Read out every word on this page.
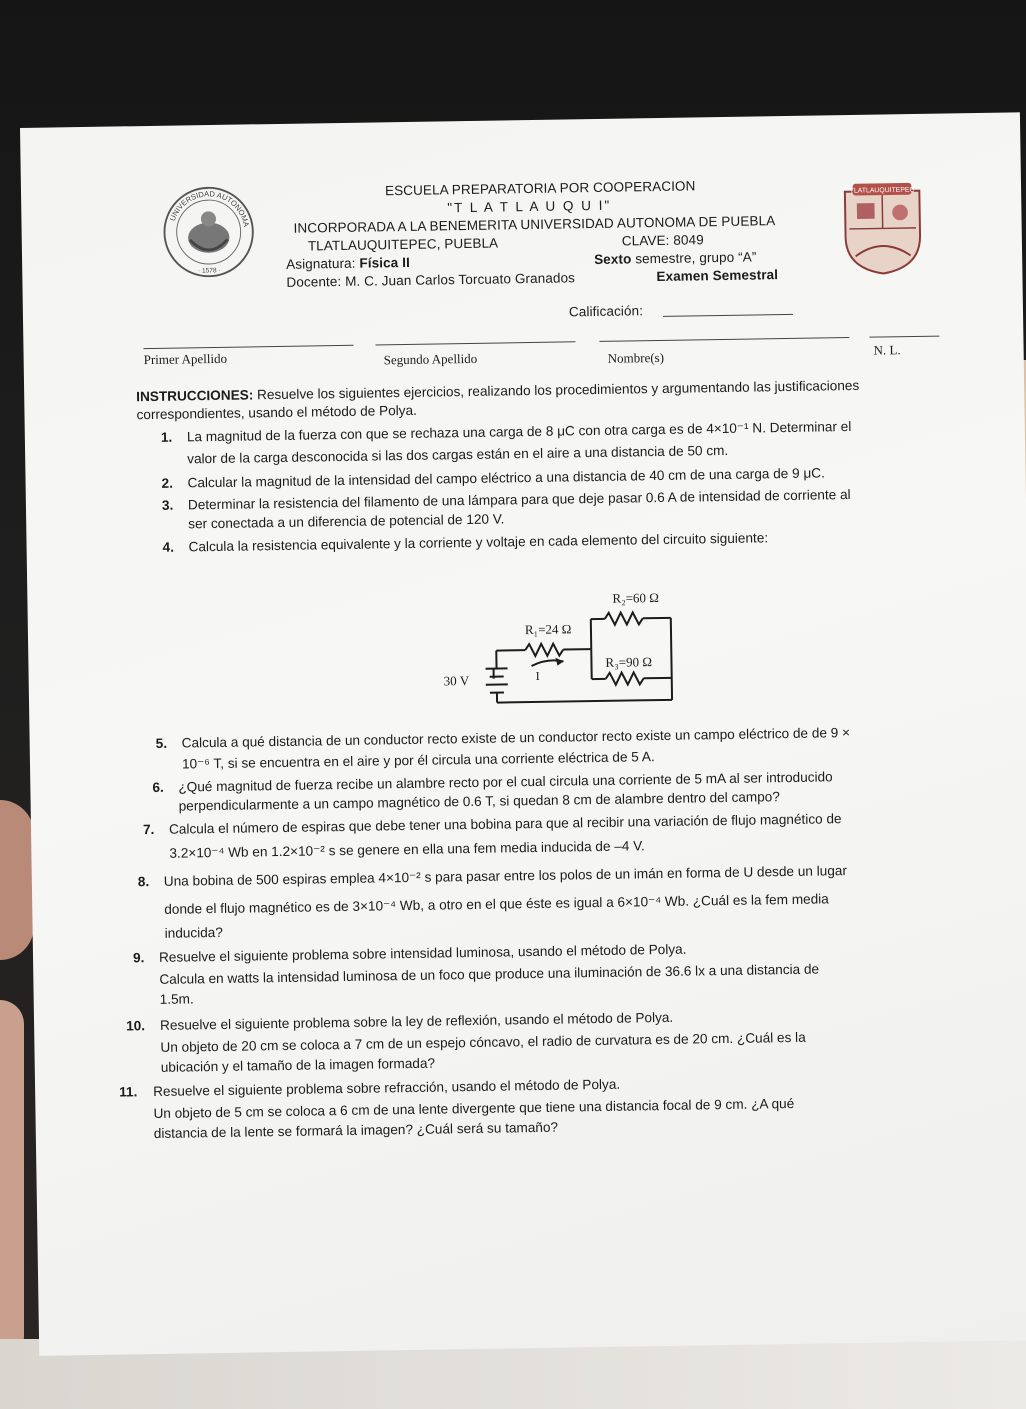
UNIVERSIDAD AUTONOMA
· 1578 ·
TLATLAUQUITEPEC
ESCUELA PREPARATORIA POR COOPERACION
"T L A T L A U Q U I"
INCORPORADA A LA BENEMERITA UNIVERSIDAD AUTONOMA DE PUEBLA
TLATLAUQUITEPEC, PUEBLA	CLAVE: 8049
Asignatura: Física II	Sexto semestre, grupo “A”
Docente: M. C. Juan Carlos Torcuato Granados	Examen Semestral
Calificación:
Primer Apellido	Segundo Apellido	Nombre(s)
N. L.
INSTRUCCIONES: Resuelve los siguientes ejercicios, realizando los procedimientos y argumentando las justificaciones
correspondientes, usando el método de Polya.
1. La magnitud de la fuerza con que se rechaza una carga de 8 μC con otra carga es de 4×10⁻¹ N. Determinar el
valor de la carga desconocida si las dos cargas están en el aire a una distancia de 50 cm.
2. Calcular la magnitud de la intensidad del campo eléctrico a una distancia de 40 cm de una carga de 9 μC.
3. Determinar la resistencia del filamento de una lámpara para que deje pasar 0.6 A de intensidad de corriente al
ser conectada a un diferencia de potencial de 120 V.
4. Calcula la resistencia equivalente y la corriente y voltaje en cada elemento del circuito siguiente:
R₂=60 Ω
R₁=24 Ω
R₃=90 Ω
30 V	I
5. Calcula a qué distancia de un conductor recto existe de un conductor recto existe un campo eléctrico de de 9 ×
10⁻⁶ T, si se encuentra en el aire y por él circula una corriente eléctrica de 5 A.
6. ¿Qué magnitud de fuerza recibe un alambre recto por el cual circula una corriente de 5 mA al ser introducido
perpendicularmente a un campo magnético de 0.6 T, si quedan 8 cm de alambre dentro del campo?
7. Calcula el número de espiras que debe tener una bobina para que al recibir una variación de flujo magnético de
3.2×10⁻⁴ Wb en 1.2×10⁻² s se genere en ella una fem media inducida de –4 V.
8. Una bobina de 500 espiras emplea 4×10⁻² s para pasar entre los polos de un imán en forma de U desde un lugar
donde el flujo magnético es de 3×10⁻⁴ Wb, a otro en el que éste es igual a 6×10⁻⁴ Wb. ¿Cuál es la fem media
inducida?
9. Resuelve el siguiente problema sobre intensidad luminosa, usando el método de Polya.
Calcula en watts la intensidad luminosa de un foco que produce una iluminación de 36.6 lx a una distancia de
1.5m.
10. Resuelve el siguiente problema sobre la ley de reflexión, usando el método de Polya.
Un objeto de 20 cm se coloca a 7 cm de un espejo cóncavo, el radio de curvatura es de 20 cm. ¿Cuál es la
ubicación y el tamaño de la imagen formada?
11. Resuelve el siguiente problema sobre refracción, usando el método de Polya.
Un objeto de 5 cm se coloca a 6 cm de una lente divergente que tiene una distancia focal de 9 cm. ¿A qué
distancia de la lente se formará la imagen? ¿Cuál será su tamaño?
